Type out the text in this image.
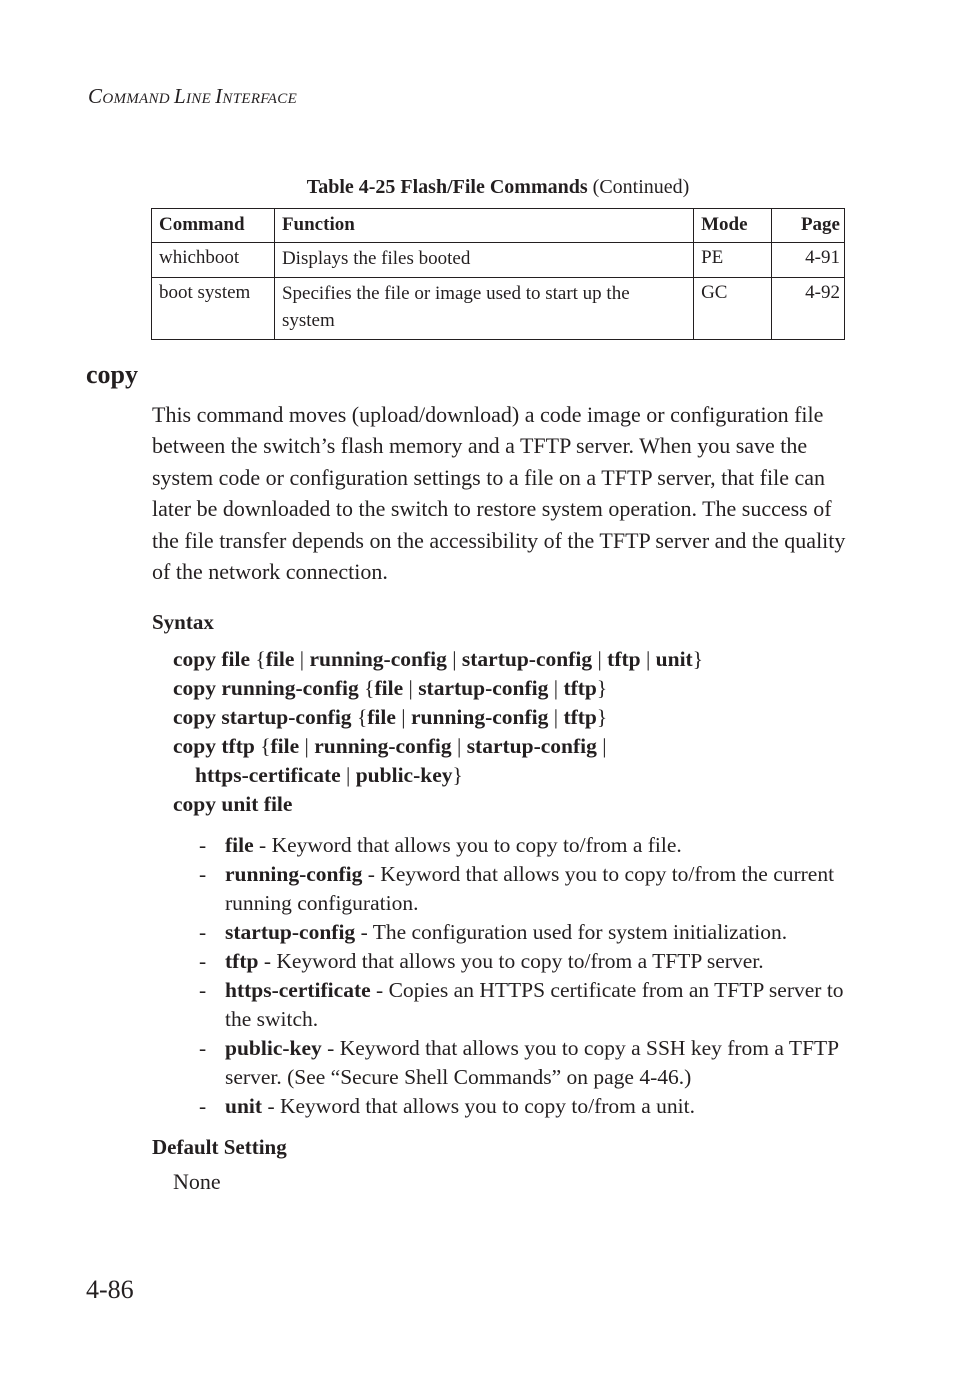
COMMAND LINE INTERFACE
Table 4-25 Flash/File Commands (Continued)
Command	Function	Mode	Page
whichboot	Displays the files booted	PE	4-91
boot system	Specifies the file or image used to start up the system	GC	4-92
copy
This command moves (upload/download) a code image or configuration file between the switch’s flash memory and a TFTP server. When you save the system code or configuration settings to a file on a TFTP server, that file can later be downloaded to the switch to restore system operation. The success of the file transfer depends on the accessibility of the TFTP server and the quality of the network connection.
Syntax
copy file {file | running-config | startup-config | tftp | unit}
copy running-config {file | startup-config | tftp}
copy startup-config {file | running-config | tftp}
copy tftp {file | running-config | startup-config |
https-certificate | public-key}
copy unit file
- file - Keyword that allows you to copy to/from a file.
- running-config - Keyword that allows you to copy to/from the current running configuration.
- startup-config - The configuration used for system initialization.
- tftp - Keyword that allows you to copy to/from a TFTP server.
- https-certificate - Copies an HTTPS certificate from an TFTP server to the switch.
- public-key - Keyword that allows you to copy a SSH key from a TFTP server. (See “Secure Shell Commands” on page 4-46.)
- unit - Keyword that allows you to copy to/from a unit.
Default Setting
None
4-86
